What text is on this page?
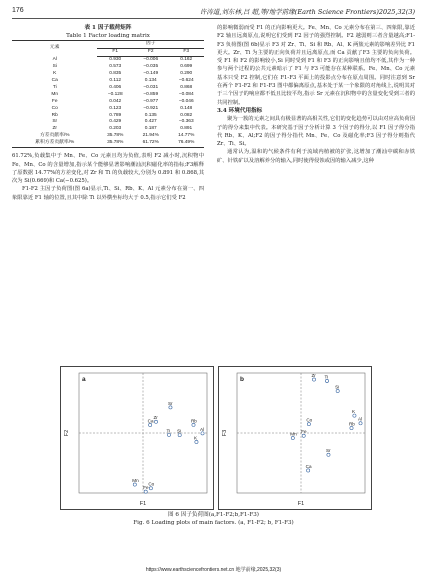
176	许涛道,刘东林,吕 超,等/地学前缘(Earth Science Frontiers)2025,32(3)
表 1 因子载荷矩阵
Table 1 Factor loading matrix
元素	因子		
	F1	F2	F3
Al	0.930	−0.006	0.162
Si	0.573	−0.035	0.699
K	0.835	−0.149	0.290
Ca	0.112	0.134	−0.624
Ti	0.406	−0.031	0.868
Mn	−0.128	−0.859	−0.084
Fe	0.042	−0.977	−0.046
Co	0.123	−0.921	0.148
Rb	0.789	0.135	0.082
Sr	0.429	0.427	−0.363
Zr	0.203	0.187	0.891
方差贡献率/%	35.78%	21.94%	14.77%
累积方差贡献率/%	35.78%	61.72%	76.49%

61.72%,负载集中于 Mn、Fe、Co 元素且均为负值,表明 F2 减小时,沉积物中 Fe、Mn、Co 的含量增加,指示某个能够显著影响潮汕沉积磁化率的指标;F3解释了原数据 14.77%的方差变化,对 Zr 和 Ti 的负载较大,分别为 0.891 和 0.868,其次为 Si(0.669)和 Ca(−0.625)。

F1-F2 主因子负荷图(图 6a)显示,Ti、Si、Rb、K、Al 元素分布在第一、四象限靠近 F1 轴的位置,且其中除 Ti 以外横坐标均大于 0.5,指示它们受 F2

的影响微弱而受 F1 的正向影响更大。Fe、Mn、Co 元素分布在第三、四象限,靠近 F2 轴且远离原点,说明它们受到 F2 因子的强烈控制。F2 越弱则三者含量越高;F1-F3 负荷图(图 6b)显示 F3 对 Zr、Ti、Si 和 Rb、Al、K 两簇元素的影响差异比 F1 更大。Zr、Ti 为主要的正向负荷并且远离原点,而 Ca 贡献了F3 主要的负向负荷。受 F1 和 F2 的影响较小,Si 同时受到 F1 和 F3 的正向影响且值均不低,其作为一种参与两个过程的公共元素暗示了 F1 与 F3 可能存在某种联系。Fe、Mn、Co 元素基本只受 F2 控制,它们在 F1-F3 平面上的投影点分布在原点周围。同时注意到 Sr 在两个 F1-F2 和 F1-F3 图中都偏离原点,基本处于某一个象限的对角线上,说明其对于三个因子的响应都不低且比较平均,指示 Sr 元素在沉积物中的含量变化受到三者的共同控制。

3.4 环境代用指标

聚为一簇的元素之间具有极显著的高相关性,它们的变化趋势可以由对应高负荷因子的得分来集中代表。本研究基于因子分析计算 3 个因子的得分,以 F1 因子得分指代 Rb、K、Al;F2 的因子得分指代 Mn、Fe、Co 及磁化率;F3 因子得分则指代 Zr、Ti、Si。

通常认为,温和的气候条件有利于流域内植被的扩张,这增加了潮汕中碳和赤铁矿、针铁矿以及溶解养分的输入,同时使得侵蚀或因的输入减少,这种

a
F1
F2
Al
Si
K
Ca
Ti
Mn
Fe
Co
Rb
Sr
Zr
b
F1
F3
Al
Si
K
Ca
Ti
Mn Fe
Co
Rb
Sr
Zr
图 6 因子负荷图(a,F1-F2;b,F1-F3)
Fig. 6 Loading plots of main factors. (a, F1-F2; b, F1-F3)
https://www.earthsciencefrontiers.net.cn 地学前缘,2025,32(3)
